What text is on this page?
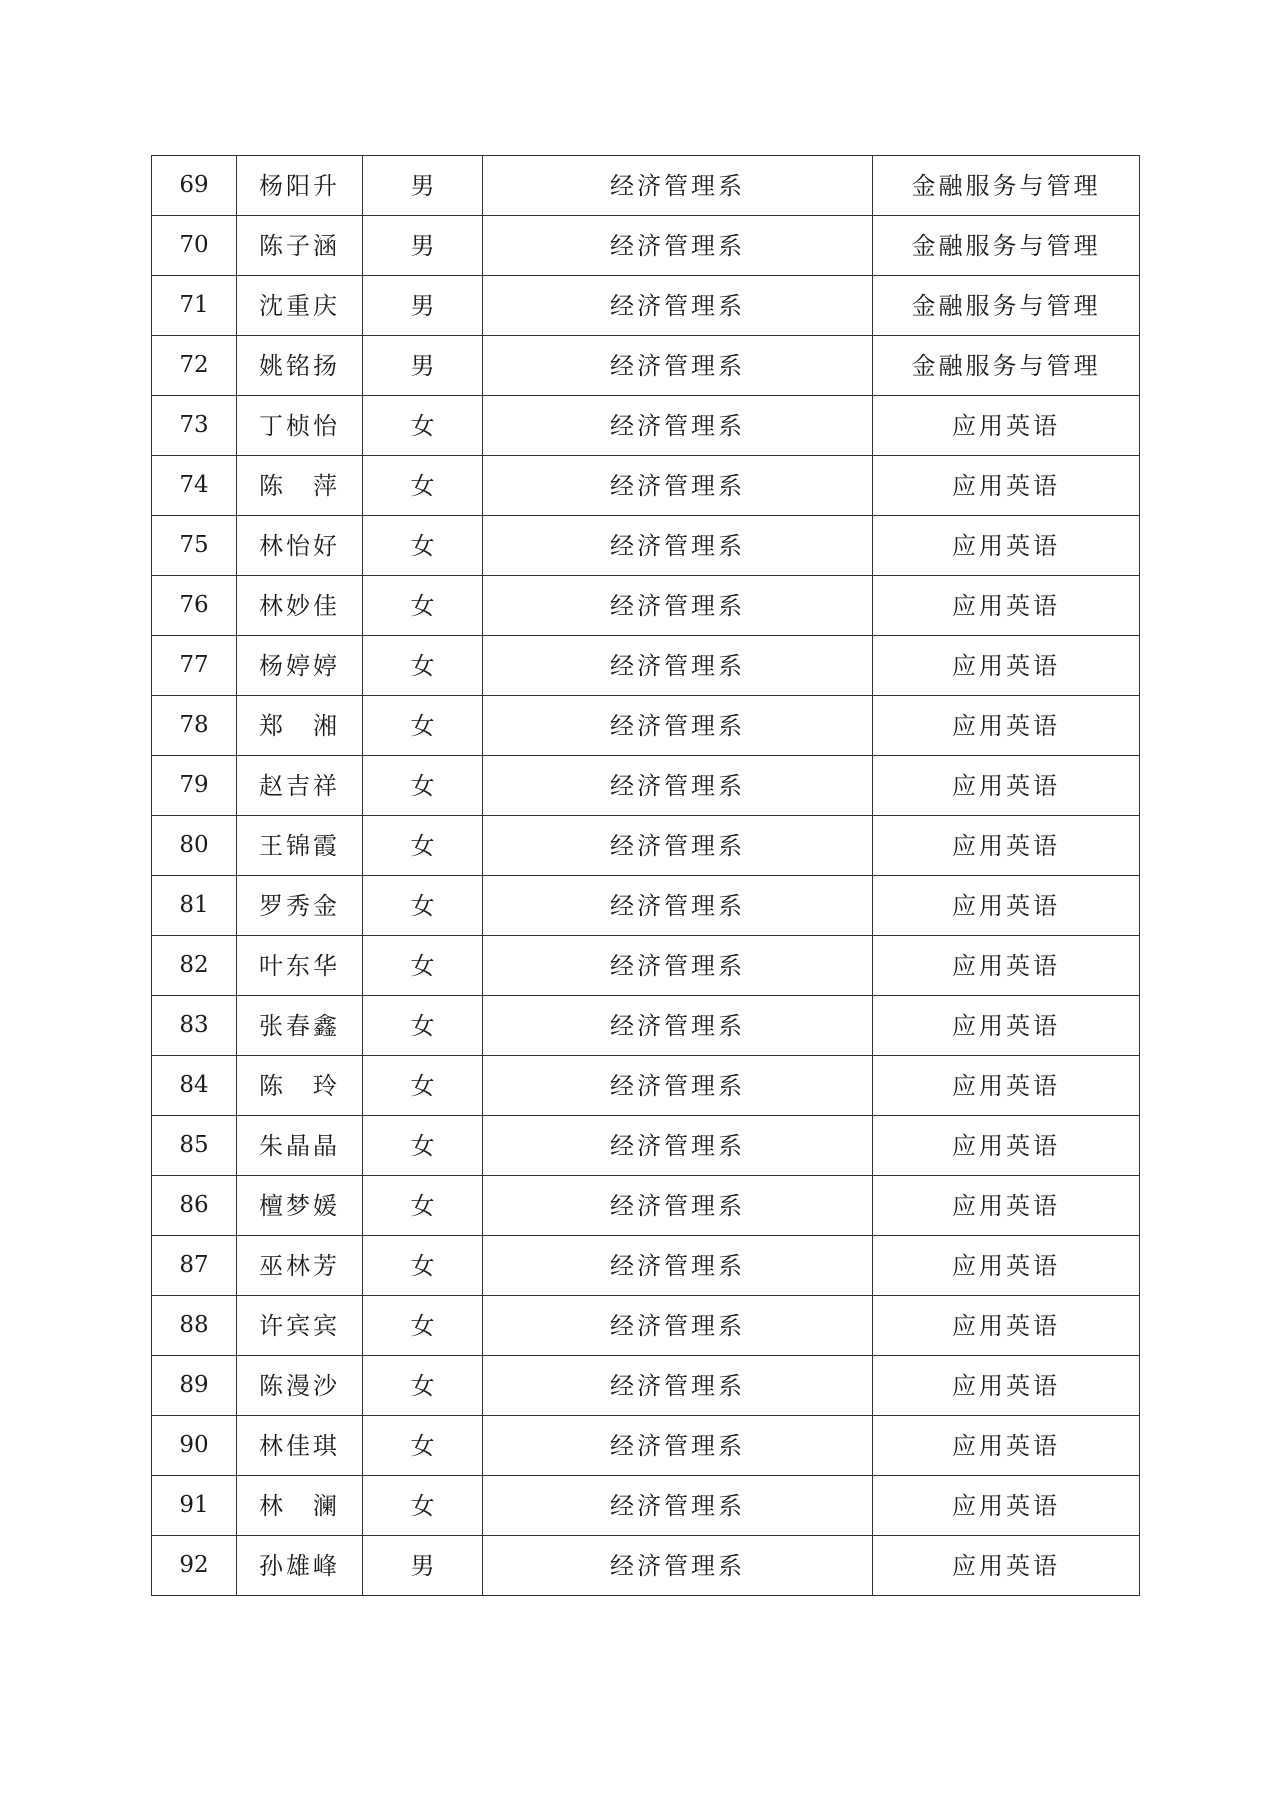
69	杨阳升	男	经济管理系	金融服务与管理
70	陈子涵	男	经济管理系	金融服务与管理
71	沈重庆	男	经济管理系	金融服务与管理
72	姚铭扬	男	经济管理系	金融服务与管理
73	丁桢怡	女	经济管理系	应用英语
74	陈　萍	女	经济管理系	应用英语
75	林怡好	女	经济管理系	应用英语
76	林妙佳	女	经济管理系	应用英语
77	杨婷婷	女	经济管理系	应用英语
78	郑　湘	女	经济管理系	应用英语
79	赵吉祥	女	经济管理系	应用英语
80	王锦霞	女	经济管理系	应用英语
81	罗秀金	女	经济管理系	应用英语
82	叶东华	女	经济管理系	应用英语
83	张春鑫	女	经济管理系	应用英语
84	陈　玲	女	经济管理系	应用英语
85	朱晶晶	女	经济管理系	应用英语
86	檀梦媛	女	经济管理系	应用英语
87	巫林芳	女	经济管理系	应用英语
88	许宾宾	女	经济管理系	应用英语
89	陈漫沙	女	经济管理系	应用英语
90	林佳琪	女	经济管理系	应用英语
91	林　澜	女	经济管理系	应用英语
92	孙雄峰	男	经济管理系	应用英语
